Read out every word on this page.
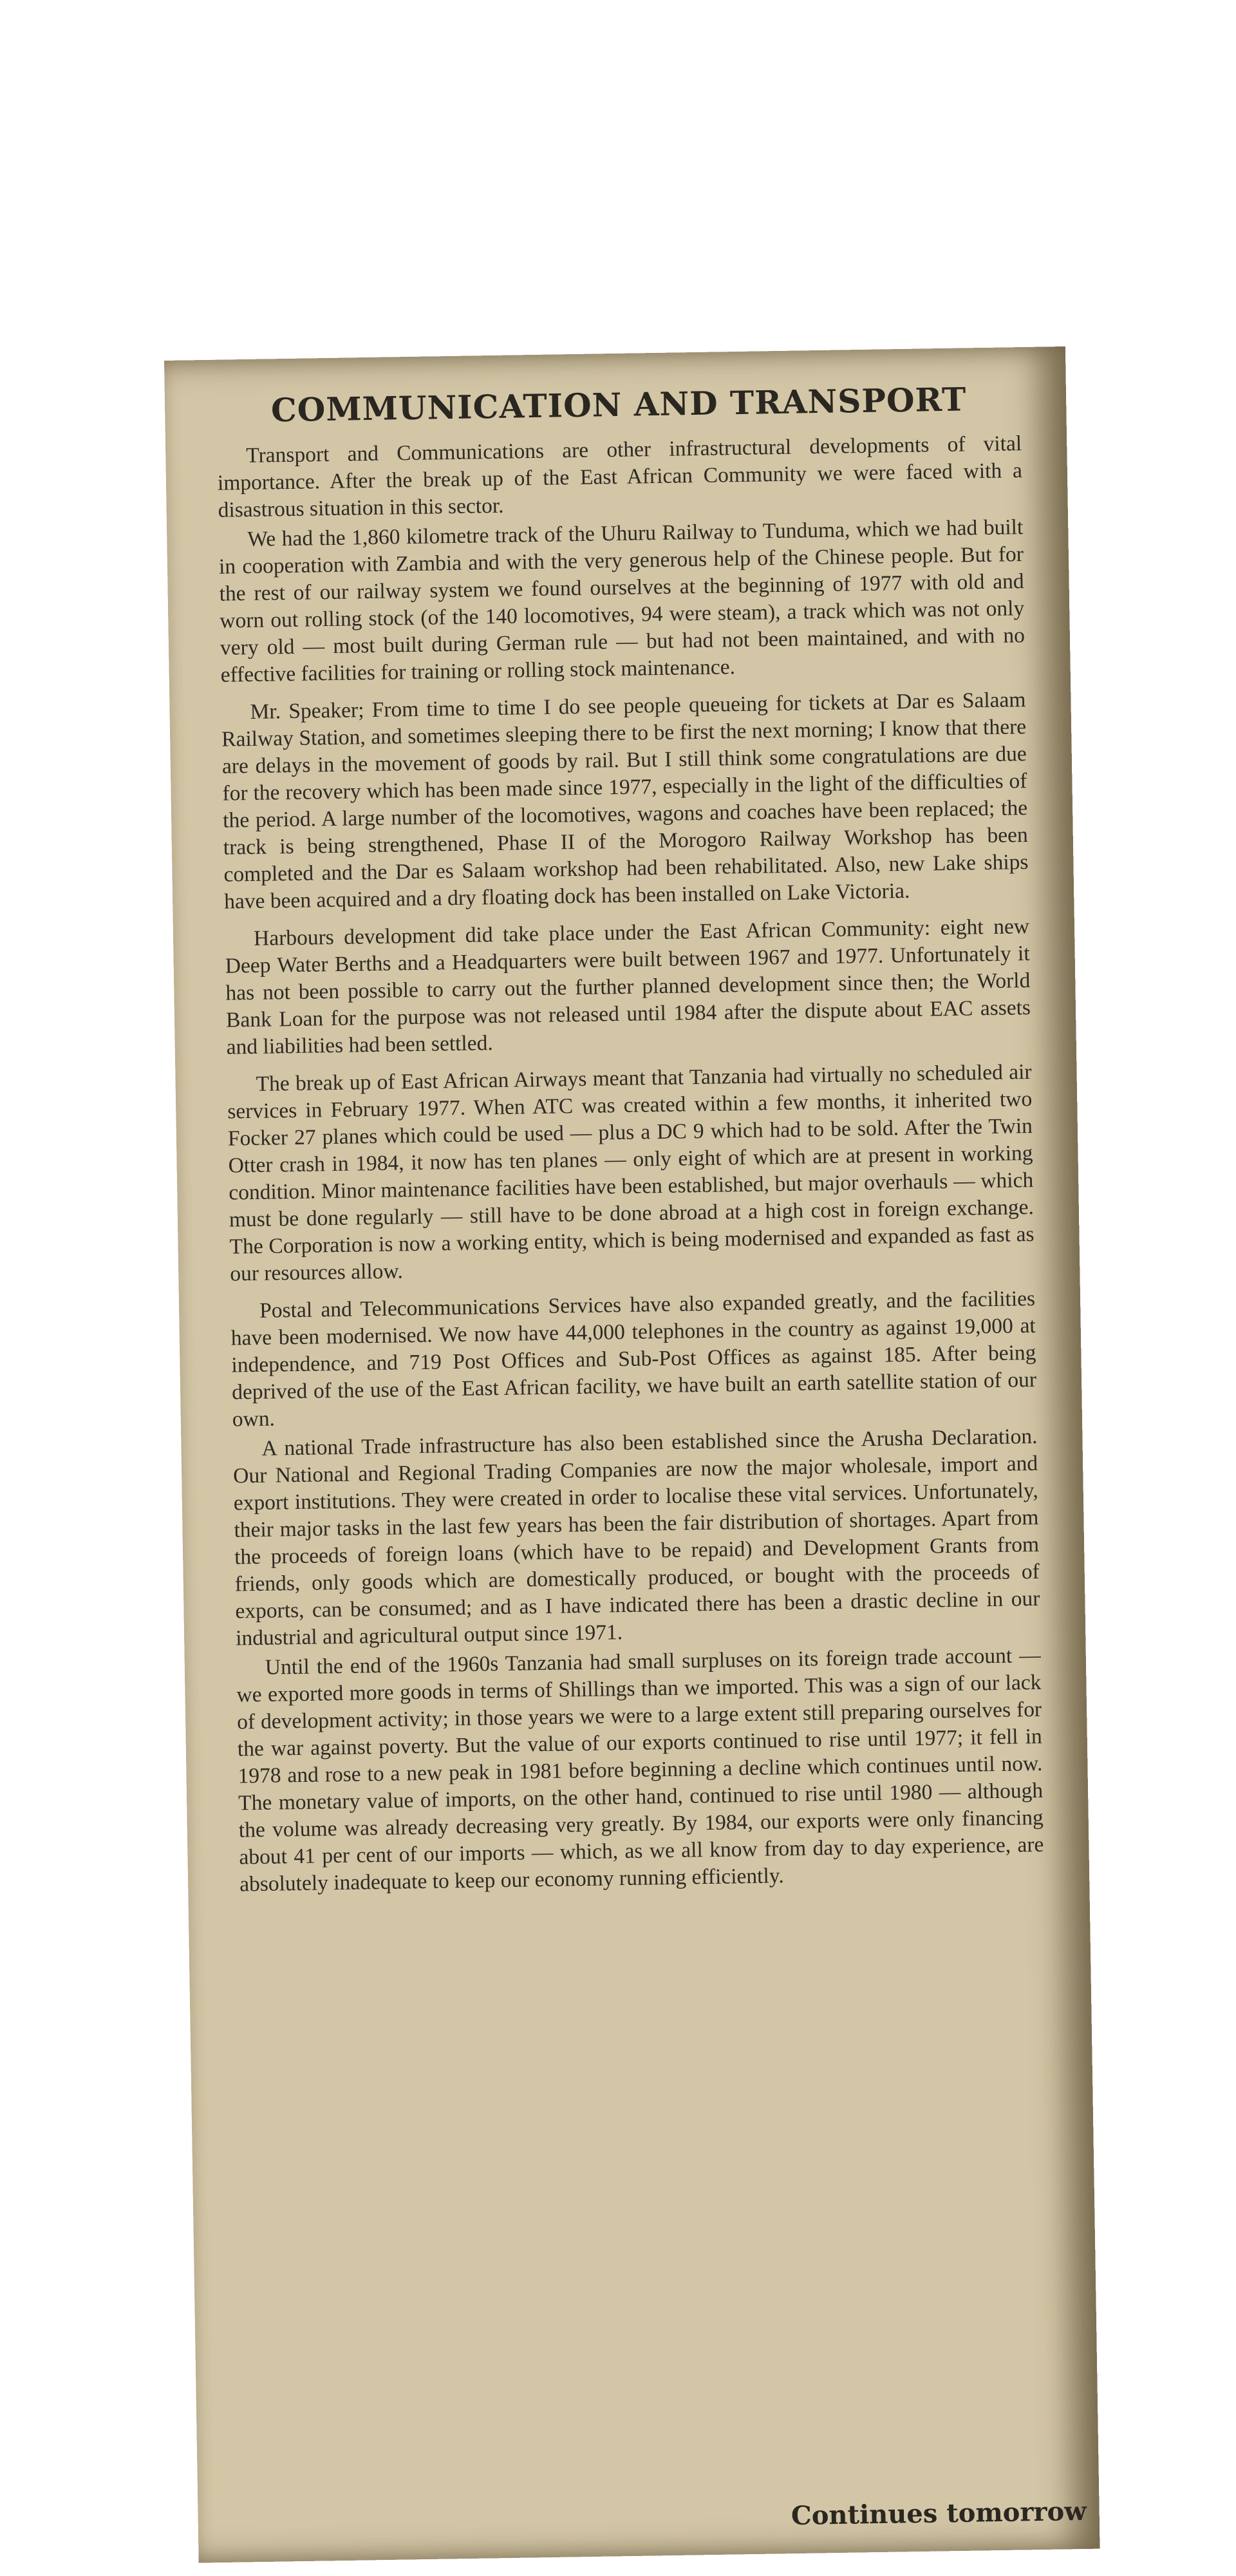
COMMUNICATION AND TRANSPORT

Transport and Communications are other infrastructural developments of vital importance. After the break up of the East African Community we were faced with a disastrous situation in this sector.

We had the 1,860 kilometre track of the Uhuru Railway to Tunduma, which we had built in cooperation with Zambia and with the very generous help of the Chinese people. But for the rest of our railway system we found ourselves at the beginning of 1977 with old and worn out rolling stock (of the 140 locomotives, 94 were steam), a track which was not only very old — most built during German rule — but had not been maintained, and with no effective facilities for training or rolling stock maintenance.

Mr. Speaker; From time to time I do see people queueing for tickets at Dar es Salaam Railway Station, and sometimes sleeping there to be first the next morning; I know that there are delays in the movement of goods by rail. But I still think some congratulations are due for the recovery which has been made since 1977, especially in the light of the difficulties of the period. A large number of the locomotives, wagons and coaches have been replaced; the track is being strengthened, Phase II of the Morogoro Railway Workshop has been completed and the Dar es Salaam workshop had been rehabilitated. Also, new Lake ships have been acquired and a dry floating dock has been installed on Lake Victoria.

Harbours development did take place under the East African Community: eight new Deep Water Berths and a Headquarters were built between 1967 and 1977. Unfortunately it has not been possible to carry out the further planned development since then; the World Bank Loan for the purpose was not released until 1984 after the dispute about EAC assets and liabilities had been settled.

The break up of East African Airways meant that Tanzania had virtually no scheduled air services in February 1977. When ATC was created within a few months, it inherited two Focker 27 planes which could be used — plus a DC 9 which had to be sold. After the Twin Otter crash in 1984, it now has ten planes — only eight of which are at present in working condition. Minor maintenance facilities have been established, but major overhauls — which must be done regularly — still have to be done abroad at a high cost in foreign exchange. The Corporation is now a working entity, which is being modernised and expanded as fast as our resources allow.

Postal and Telecommunications Services have also expanded greatly, and the facilities have been modernised. We now have 44,000 telephones in the country as against 19,000 at independence, and 719 Post Offices and Sub-Post Offices as against 185. After being deprived of the use of the East African facility, we have built an earth satellite station of our own.

A national Trade infrastructure has also been established since the Arusha Declaration. Our National and Regional Trading Companies are now the major wholesale, import and export institutions. They were created in order to localise these vital services. Unfortunately, their major tasks in the last few years has been the fair distribution of shortages. Apart from the proceeds of foreign loans (which have to be repaid) and Development Grants from friends, only goods which are domestically produced, or bought with the proceeds of exports, can be consumed; and as I have indicated there has been a drastic decline in our industrial and agricultural output since 1971.

Until the end of the 1960s Tanzania had small surpluses on its foreign trade account — we exported more goods in terms of Shillings than we imported. This was a sign of our lack of development activity; in those years we were to a large extent still preparing ourselves for the war against poverty. But the value of our exports continued to rise until 1977; it fell in 1978 and rose to a new peak in 1981 before beginning a decline which continues until now. The monetary value of imports, on the other hand, continued to rise until 1980 — although the volume was already decreasing very greatly. By 1984, our exports were only financing about 41 per cent of our imports — which, as we all know from day to day experience, are absolutely inadequate to keep our economy running efficiently.

Continues tomorrow
